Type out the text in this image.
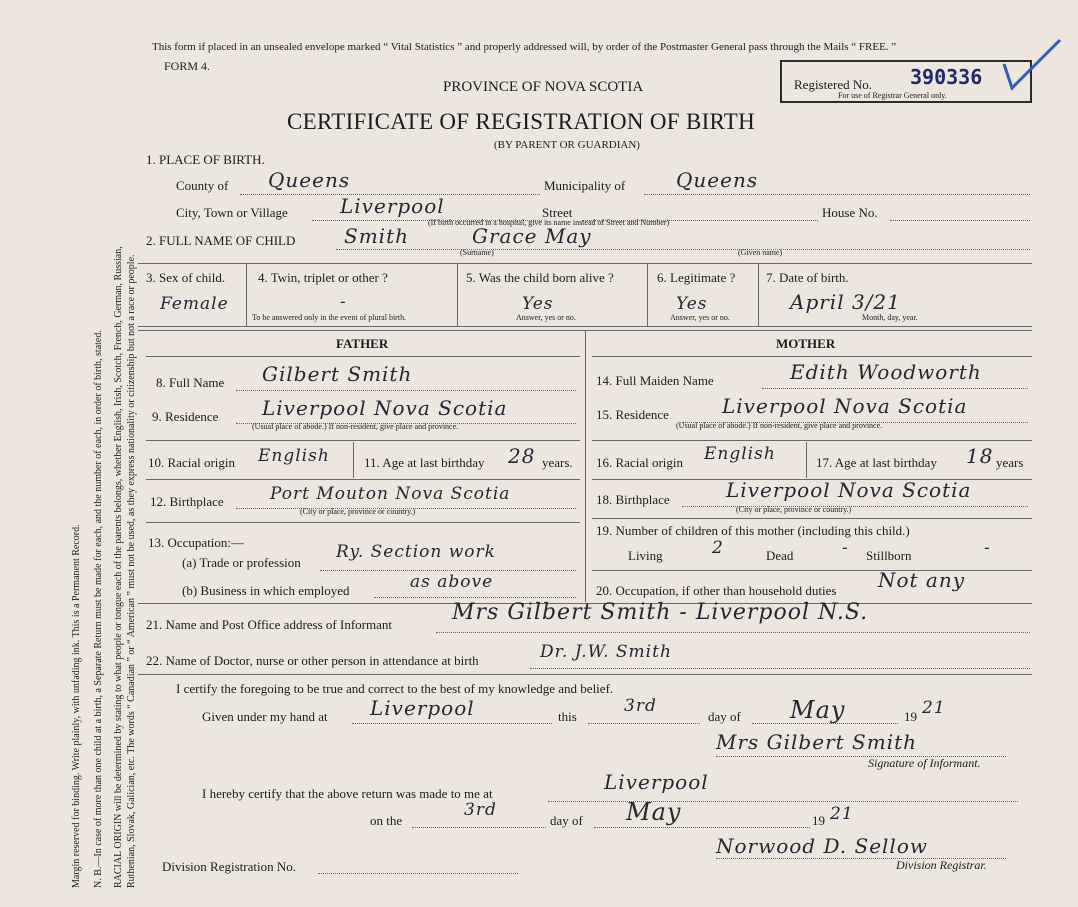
RACIAL ORIGIN will be determined by stating to what people or tongue each of the parents belongs, whether English, Irish, Scotch, French, German, Russian, Ruthenian, Slovak, Galician, etc. The words “ Canadian ” or “ American ” must not be used, as they express nationality or citizenship but not a race or people.
N. B.—In case of more than one child at a birth, a Separate Return must be made for each, and the number of each, in order of birth, stated.
Margin reserved for binding. Write plainly, with unfading ink. This is a Permanent Record.
This form if placed in an unsealed envelope marked “ Vital Statistics ” and properly addressed will, by order of the Postmaster General pass through the Mails “ FREE. ”
FORM 4.
PROVINCE OF NOVA SCOTIA
CERTIFICATE OF REGISTRATION OF BIRTH
(BY PARENT OR GUARDIAN)
Registered No. 390336
For use of Registrar General only.
1. PLACE OF BIRTH.
County of Queens	Municipality of	Queens
City, Town or Village	Liverpool	Street	House No.
(If birth occurred in a hospital, give its name instead of Street and Number)
2. FULL NAME OF CHILD Smith	Grace May
(Surname)	(Given name)
3. Sex of child.
Female
4. Twin, triplet or other ?
-
To be answered only in the event of plural birth.
5. Was the child born alive ?
Yes
Answer, yes or no.
6. Legitimate ?
Yes
Answer, yes or no.
7. Date of birth.
April 3/21
Month, day, year.
FATHER	MOTHER
8. Full Name Gilbert Smith
9. Residence Liverpool Nova Scotia
(Usual place of abode.) If non-resident, give place and province.
10. Racial origin English	11. Age at last birthday 28 years.
12. Birthplace	Port Mouton Nova Scotia
(City or place, province or country.)
13. Occupation:—
(a) Trade or profession
Ry. Section work
(b) Business in which employed	as above
14. Full Maiden Name	Edith Woodworth
15. Residence	Liverpool Nova Scotia
(Usual place of abode.) If non-resident, give place and province.
16. Racial origin English	17. Age at last birthday 18 years
18. Birthplace	Liverpool Nova Scotia
(City or place, province or country.)
19. Number of children of this mother (including this child.)
Living	2	Dead	- Stillborn	-
20. Occupation, if other than household duties Not any
21. Name and Post Office address of Informant	Mrs Gilbert Smith - Liverpool N.S.
22. Name of Doctor, nurse or other person in attendance at birth	Dr. J.W. Smith
I certify the foregoing to be true and correct to the best of my knowledge and belief.
Given under my hand at Liverpool	this
3rd
day of May	19 21
Mrs Gilbert Smith
Signature of Informant.
I hereby certify that the above return was made to me at	Liverpool
on the
3rd
day of May	19 21
Norwood D. Sellow
Division Registrar.
Division Registration No.
